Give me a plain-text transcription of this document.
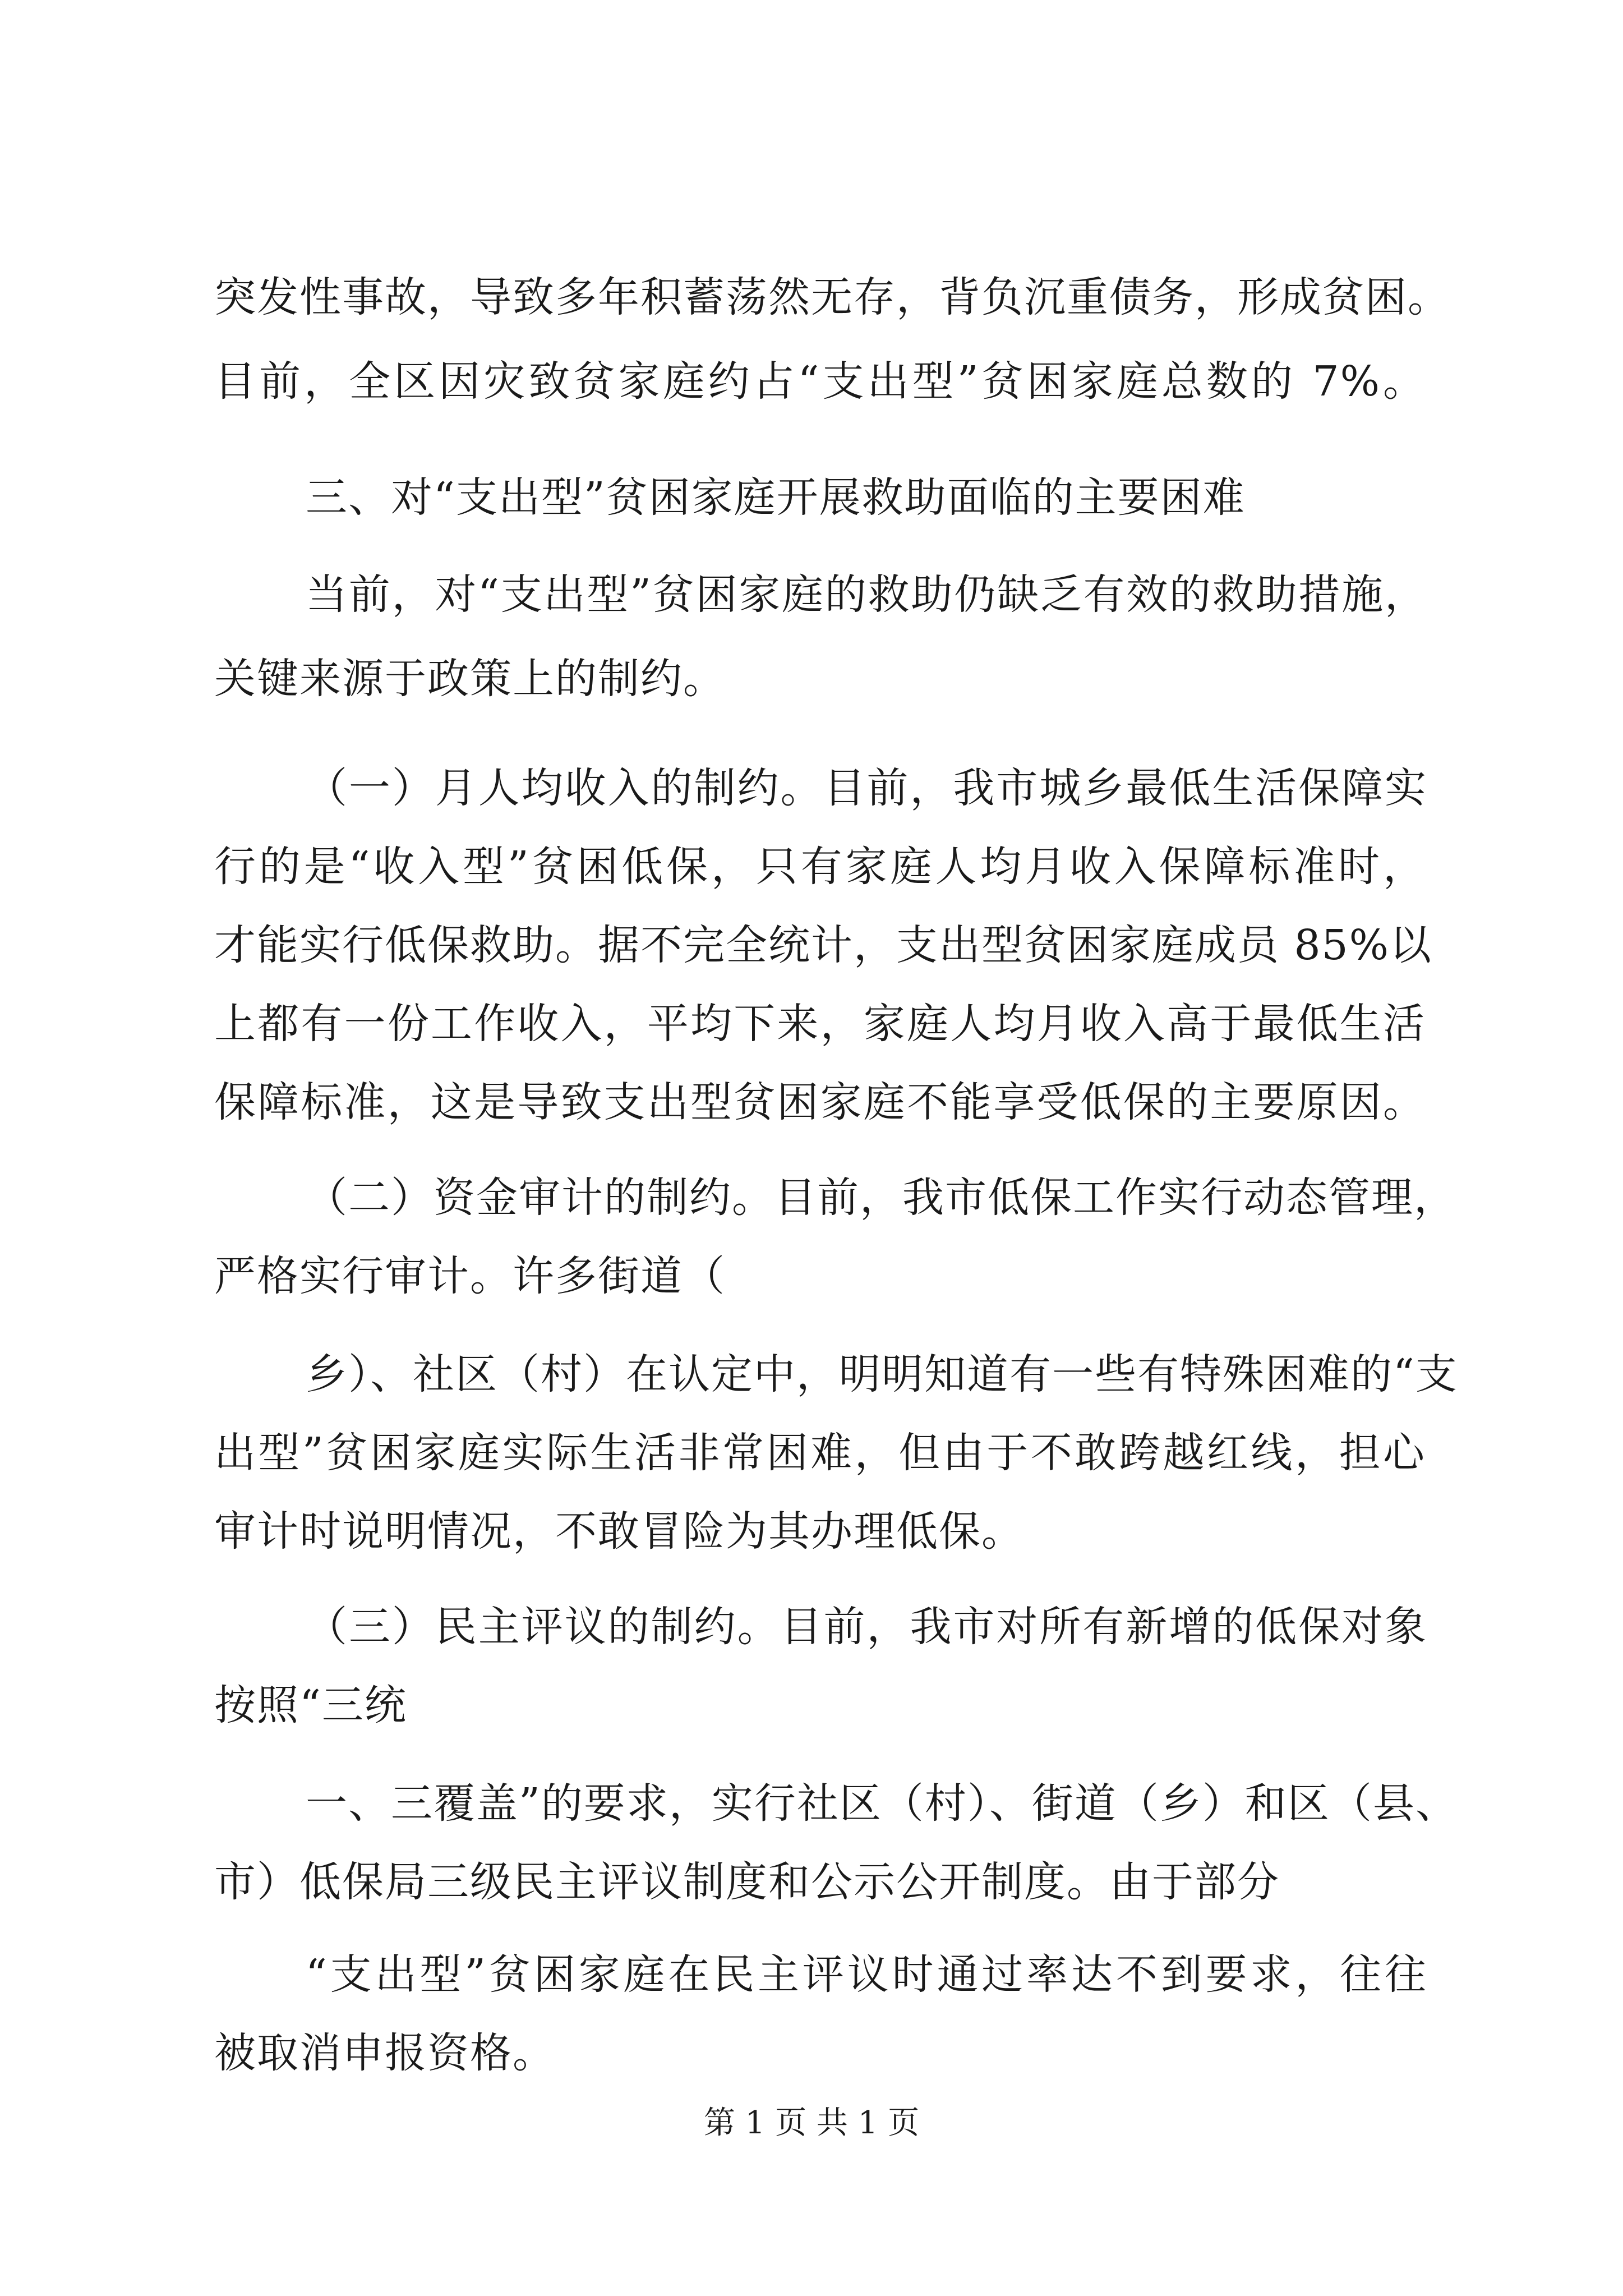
突发性事故，导致多年积蓄荡然无存，背负沉重债务，形成贫困。
目前，全区因灾致贫家庭约占“支出型”贫困家庭总数的 7%。
三、对“支出型”贫困家庭开展救助面临的主要困难
当前，对“支出型”贫困家庭的救助仍缺乏有效的救助措施，
关键来源于政策上的制约。
（一）月人均收入的制约。目前，我市城乡最低生活保障实
行的是“收入型”贫困低保，只有家庭人均月收入保障标准时，
才能实行低保救助。据不完全统计，支出型贫困家庭成员 85%以
上都有一份工作收入，平均下来，家庭人均月收入高于最低生活
保障标准，这是导致支出型贫困家庭不能享受低保的主要原因。
（二）资金审计的制约。目前，我市低保工作实行动态管理，
严格实行审计。许多街道（
乡）、社区（村）在认定中，明明知道有一些有特殊困难的“支
出型”贫困家庭实际生活非常困难，但由于不敢跨越红线，担心
审计时说明情况，不敢冒险为其办理低保。
（三）民主评议的制约。目前，我市对所有新增的低保对象
按照“三统
一、三覆盖”的要求，实行社区（村）、街道（乡）和区（县、
市）低保局三级民主评议制度和公示公开制度。由于部分
“支出型”贫困家庭在民主评议时通过率达不到要求，往往
被取消申报资格。
第 1 页 共 1 页
